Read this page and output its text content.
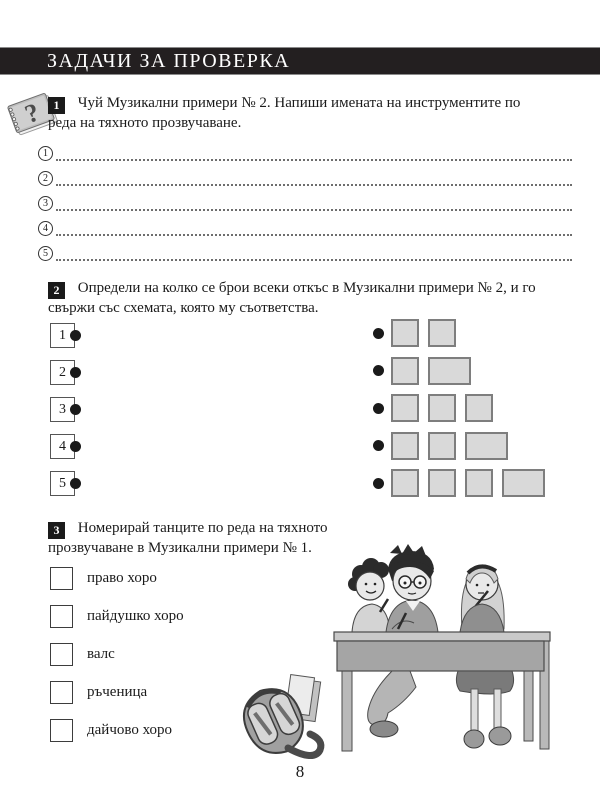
ЗАДАЧИ ЗА ПРОВЕРКА
? 1 Чуй Музикални примери № 2. Напиши имената на инструментите по реда на тяхното прозвучаване.
1
2
3
4
5
2 Определи на колко се брои всеки откъс в Музикални примери № 2, и го свържи със схемата, която му съответства.
1
2
3
4
5
3 Номерирай танците по реда на тяхното прозвучаване в Музикални примери № 1.
право хоро
пайдушко хоро
валс
ръченица
дайчово хоро
8
